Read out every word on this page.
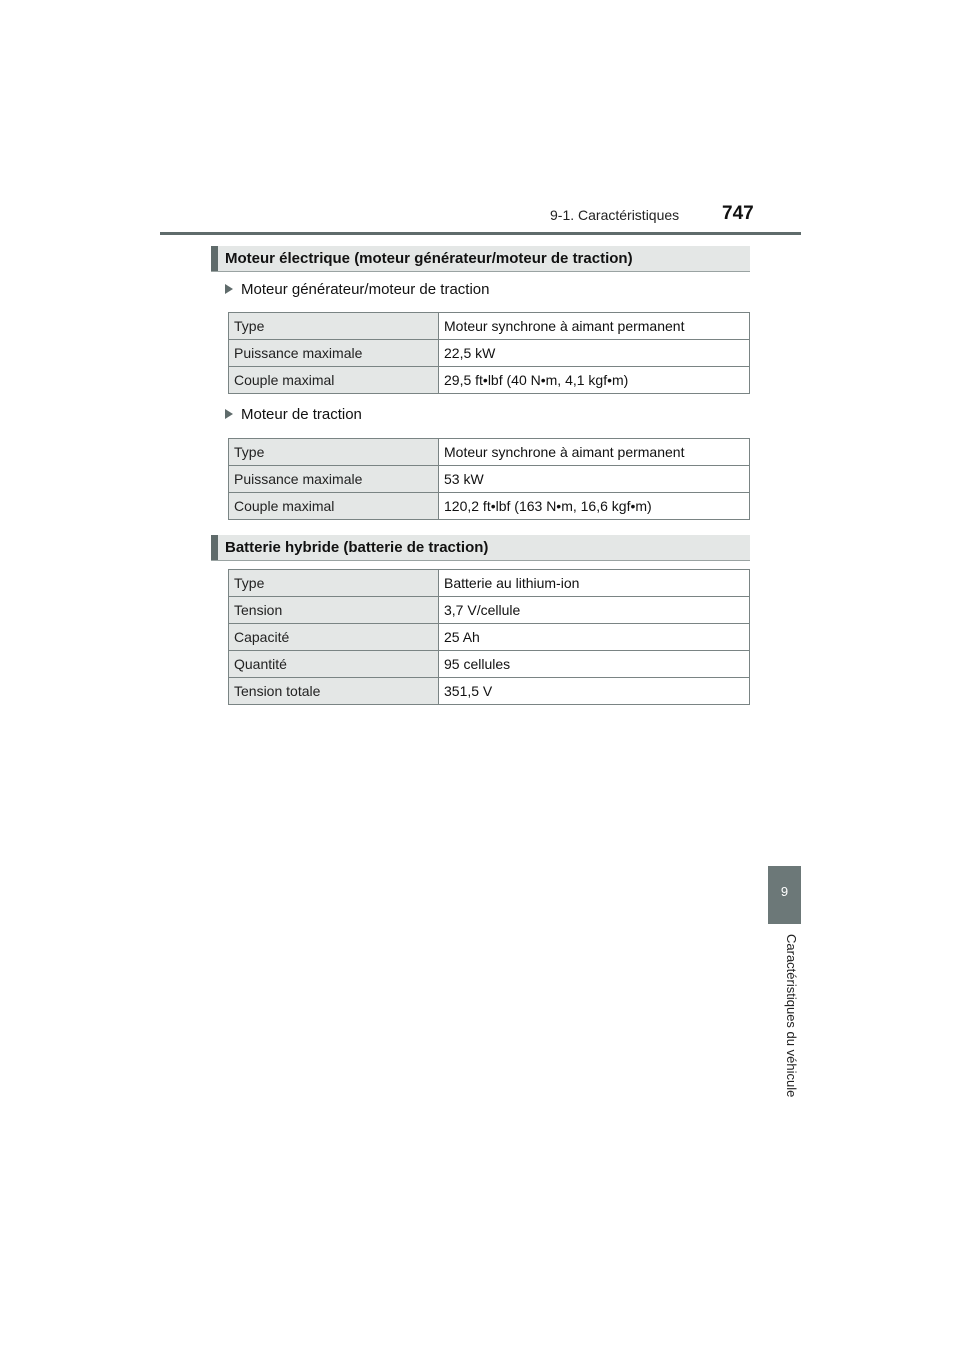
9-1. Caractéristiques 747
9
Caractéristiques du véhicule
Moteur électrique (moteur générateur/moteur de traction)
Moteur générateur/moteur de traction
Type	Moteur synchrone à aimant permanent
Puissance maximale	22,5 kW
Couple maximal	29,5 ft•lbf (40 N•m, 4,1 kgf•m)
Moteur de traction
Type	Moteur synchrone à aimant permanent
Puissance maximale	53 kW
Couple maximal	120,2 ft•lbf (163 N•m, 16,6 kgf•m)
Batterie hybride (batterie de traction)
Type	Batterie au lithium-ion
Tension	3,7 V/cellule
Capacité	25 Ah
Quantité	95 cellules
Tension totale	351,5 V
